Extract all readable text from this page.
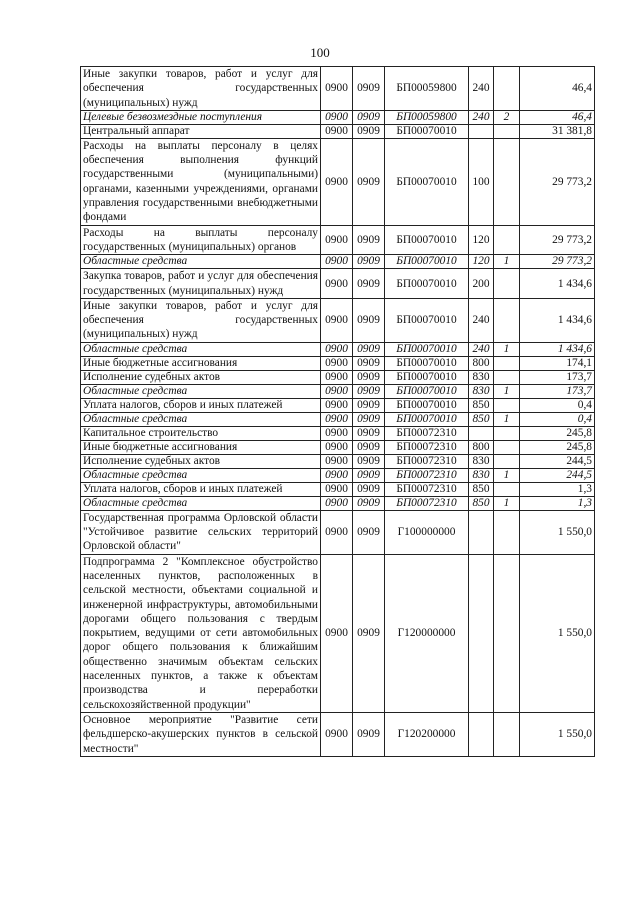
100
Иные закупки товаров, работ и услуг для обеспечения государственных (муниципальных) нужд	0900	0909	БП00059800	240		46,4
Целевые безвозмездные поступления	0900	0909	БП00059800	240	2	46,4
Центральный аппарат	0900	0909	БП00070010			31 381,8
Расходы на выплаты персоналу в целях обеспечения выполнения функций государственными (муниципальными) органами, казенными учреждениями, органами управления государственными внебюджетными фондами	0900	0909	БП00070010	100		29 773,2
Расходы на выплаты персоналу государственных (муниципальных) органов	0900	0909	БП00070010	120		29 773,2
Областные средства	0900	0909	БП00070010	120	1	29 773,2
Закупка товаров, работ и услуг для обеспечения государственных (муниципальных) нужд	0900	0909	БП00070010	200		1 434,6
Иные закупки товаров, работ и услуг для обеспечения государственных (муниципальных) нужд	0900	0909	БП00070010	240		1 434,6
Областные средства	0900	0909	БП00070010	240	1	1 434,6
Иные бюджетные ассигнования	0900	0909	БП00070010	800		174,1
Исполнение судебных актов	0900	0909	БП00070010	830		173,7
Областные средства	0900	0909	БП00070010	830	1	173,7
Уплата налогов, сборов и иных платежей	0900	0909	БП00070010	850		0,4
Областные средства	0900	0909	БП00070010	850	1	0,4
Капитальное строительство	0900	0909	БП00072310			245,8
Иные бюджетные ассигнования	0900	0909	БП00072310	800		245,8
Исполнение судебных актов	0900	0909	БП00072310	830		244,5
Областные средства	0900	0909	БП00072310	830	1	244,5
Уплата налогов, сборов и иных платежей	0900	0909	БП00072310	850		1,3
Областные средства	0900	0909	БП00072310	850	1	1,3
Государственная программа Орловской области "Устойчивое развитие сельских территорий Орловской области"	0900	0909	Г100000000			1 550,0
Подпрограмма 2 "Комплексное обустройство населенных пунктов, расположенных в сельской местности, объектами социальной и инженерной инфраструктуры, автомобильными дорогами общего пользования с твердым покрытием, ведущими от сети автомобильных дорог общего пользования к ближайшим общественно значимым объектам сельских населенных пунктов, а также к объектам производства и переработки сельскохозяйственной продукции"	0900	0909	Г120000000			1 550,0
Основное мероприятие "Развитие сети фельдшерско-акушерских пунктов в сельской местности"	0900	0909	Г120200000			1 550,0
